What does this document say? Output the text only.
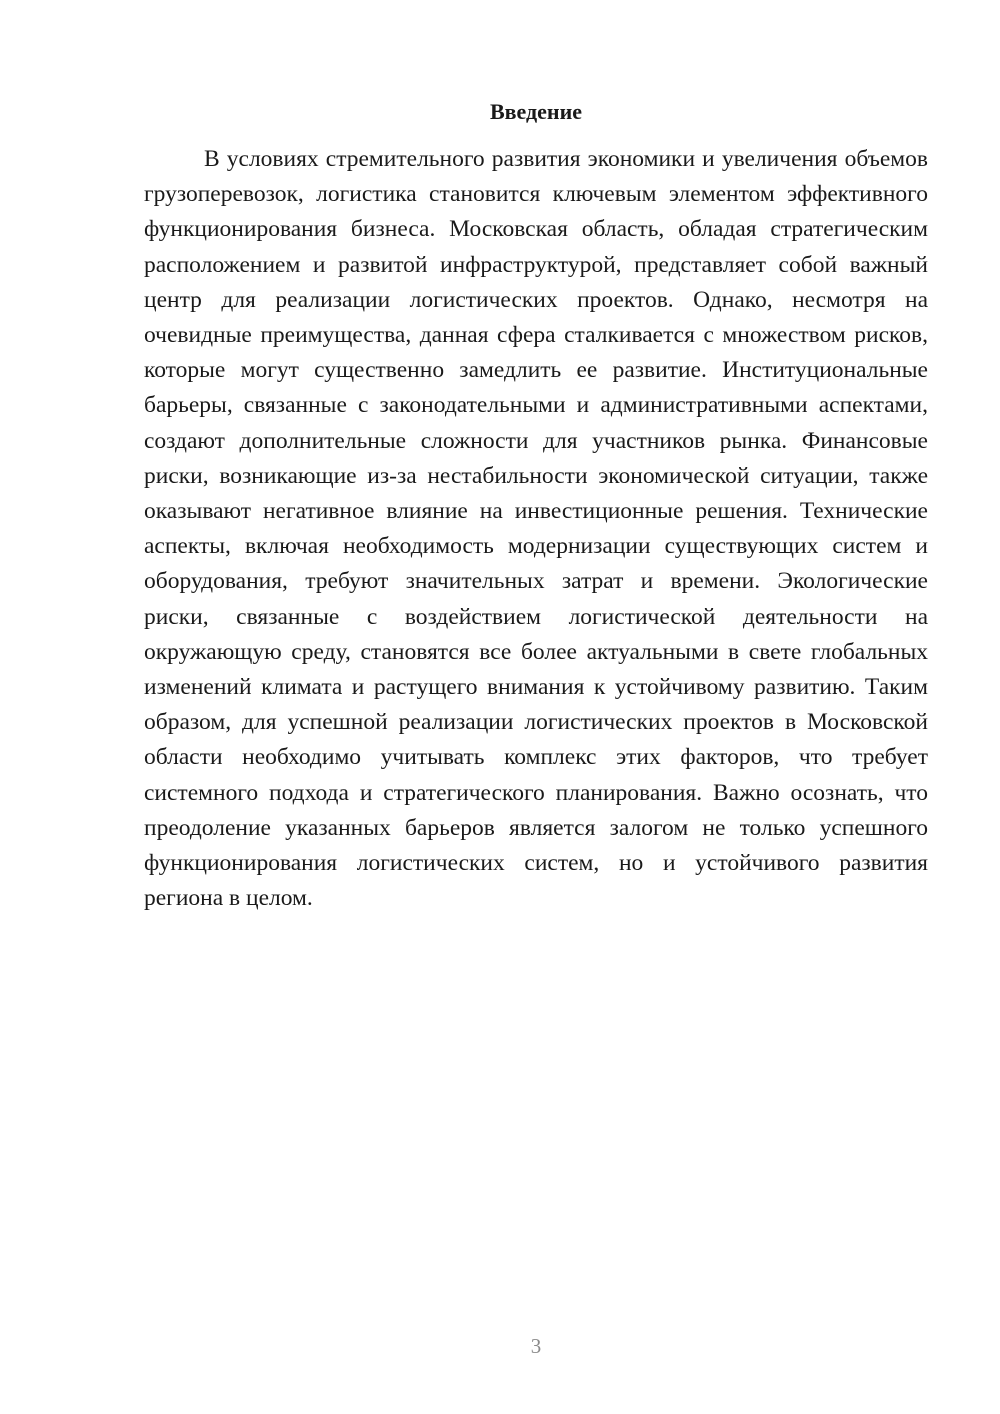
Введение

В условиях стремительного развития экономики и увеличения объемов грузоперевозок, логистика становится ключевым элементом эффективного функционирования бизнеса. Московская область, обладая стратегическим расположением и развитой инфраструктурой, представляет собой важный центр для реализации логистических проектов. Однако, несмотря на очевидные преимущества, данная сфера сталкивается с множеством рисков, которые могут существенно замедлить ее развитие. Институциональные барьеры, связанные с законодательными и административными аспектами, создают дополнительные сложности для участников рынка. Финансовые риски, возникающие из-за нестабильности экономической ситуации, также оказывают негативное влияние на инвестиционные решения. Технические аспекты, включая необходимость модернизации существующих систем и оборудования, требуют значительных затрат и времени. Экологические риски, связанные с воздействием логистической деятельности на окружающую среду, становятся все более актуальными в свете глобальных изменений климата и растущего внимания к устойчивому развитию. Таким образом, для успешной реализации логистических проектов в Московской области необходимо учитывать комплекс этих факторов, что требует системного подхода и стратегического планирования. Важно осознать, что преодоление указанных барьеров является залогом не только успешного функционирования логистических систем, но и устойчивого развития региона в целом.

3
